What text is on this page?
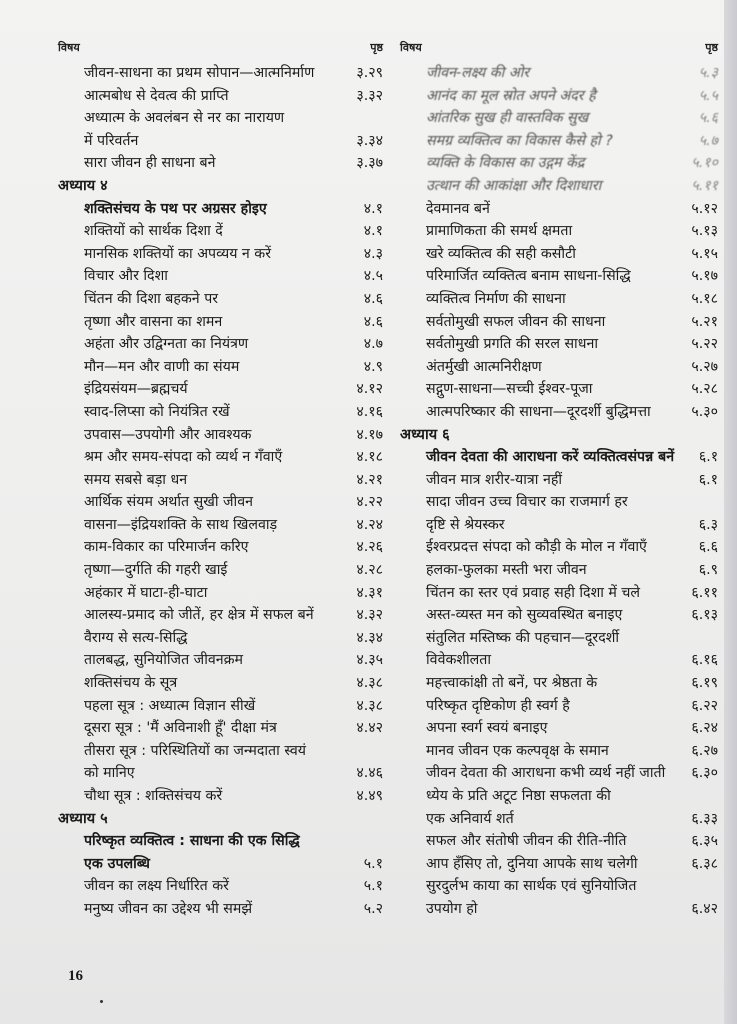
विषय	पृष्ठ
जीवन-साधना का प्रथम सोपान—आत्मनिर्माण	३.२९
आत्मबोध से देवत्व की प्राप्ति	३.३२
अध्यात्म के अवलंबन से नर का नारायण
में परिवर्तन	३.३४
सारा जीवन ही साधना बने	३.३७
अध्याय ४
शक्तिसंचय के पथ पर अग्रसर होइए	४.१
शक्तियों को सार्थक दिशा दें	४.१
मानसिक शक्तियों का अपव्यय न करें	४.३
विचार और दिशा	४.५
चिंतन की दिशा बहकने पर	४.६
तृष्णा और वासना का शमन	४.६
अहंता और उद्विग्नता का नियंत्रण	४.७
मौन—मन और वाणी का संयम	४.९
इंद्रियसंयम—ब्रह्मचर्य	४.१२
स्वाद-लिप्सा को नियंत्रित रखें	४.१६
उपवास—उपयोगी और आवश्यक	४.१७
श्रम और समय-संपदा को व्यर्थ न गँवाएँ	४.१८
समय सबसे बड़ा धन	४.२१
आर्थिक संयम अर्थात सुखी जीवन	४.२२
वासना—इंद्रियशक्ति के साथ खिलवाड़	४.२४
काम-विकार का परिमार्जन करिए	४.२६
तृष्णा—दुर्गति की गहरी खाई	४.२८
अहंकार में घाटा-ही-घाटा	४.३१
आलस्य-प्रमाद को जीतें, हर क्षेत्र में सफल बनें	४.३२
वैराग्य से सत्य-सिद्धि	४.३४
तालबद्ध, सुनियोजित जीवनक्रम	४.३५
शक्तिसंचय के सूत्र	४.३८
पहला सूत्र : अध्यात्म विज्ञान सीखें	४.३८
दूसरा सूत्र : 'मैं अविनाशी हूँ' दीक्षा मंत्र	४.४२
तीसरा सूत्र : परिस्थितियों का जन्मदाता स्वयं
को मानिए	४.४६
चौथा सूत्र : शक्तिसंचय करें	४.४९
अध्याय ५
परिष्कृत व्यक्तित्व : साधना की एक सिद्धि
एक उपलब्धि	५.१
जीवन का लक्ष्य निर्धारित करें	५.१
मनुष्य जीवन का उद्देश्य भी समझें	५.२
विषय	पृष्ठ
जीवन-लक्ष्य की ओर	५.३
आनंद का मूल स्रोत अपने अंदर है	५.५
आंतरिक सुख ही वास्तविक सुख	५.६
समग्र व्यक्तित्व का विकास कैसे हो ?	५.७
व्यक्ति के विकास का उद्गम केंद्र	५.१०
उत्थान की आकांक्षा और दिशाधारा	५.११
देवमानव बनें	५.१२
प्रामाणिकता की समर्थ क्षमता	५.१३
खरे व्यक्तित्व की सही कसौटी	५.१५
परिमार्जित व्यक्तित्व बनाम साधना-सिद्धि	५.१७
व्यक्तित्व निर्माण की साधना	५.१८
सर्वतोमुखी सफल जीवन की साधना	५.२१
सर्वतोमुखी प्रगति की सरल साधना	५.२२
अंतर्मुखी आत्मनिरीक्षण	५.२७
सद्गुण-साधना—सच्ची ईश्वर-पूजा	५.२८
आत्मपरिष्कार की साधना—दूरदर्शी बुद्धिमत्ता	५.३०
अध्याय ६
जीवन देवता की आराधना करें व्यक्तित्वसंपन्न बनें	६.१
जीवन मात्र शरीर-यात्रा नहीं	६.१
सादा जीवन उच्च विचार का राजमार्ग हर
दृष्टि से श्रेयस्कर	६.३
ईश्वरप्रदत्त संपदा को कौड़ी के मोल न गँवाएँ	६.६
हलका-फुलका मस्ती भरा जीवन	६.९
चिंतन का स्तर एवं प्रवाह सही दिशा में चले	६.११
अस्त-व्यस्त मन को सुव्यवस्थित बनाइए	६.१३
संतुलित मस्तिष्क की पहचान—दूरदर्शी
विवेकशीलता	६.१६
महत्त्वाकांक्षी तो बनें, पर श्रेष्ठता के	६.१९
परिष्कृत दृष्टिकोण ही स्वर्ग है	६.२२
अपना स्वर्ग स्वयं बनाइए	६.२४
मानव जीवन एक कल्पवृक्ष के समान	६.२७
जीवन देवता की आराधना कभी व्यर्थ नहीं जाती	६.३०
ध्येय के प्रति अटूट निष्ठा सफलता की
एक अनिवार्य शर्त	६.३३
सफल और संतोषी जीवन की रीति-नीति	६.३५
आप हँसिए तो, दुनिया आपके साथ चलेगी	६.३८
सुरदुर्लभ काया का सार्थक एवं सुनियोजित
उपयोग हो	६.४२
16
